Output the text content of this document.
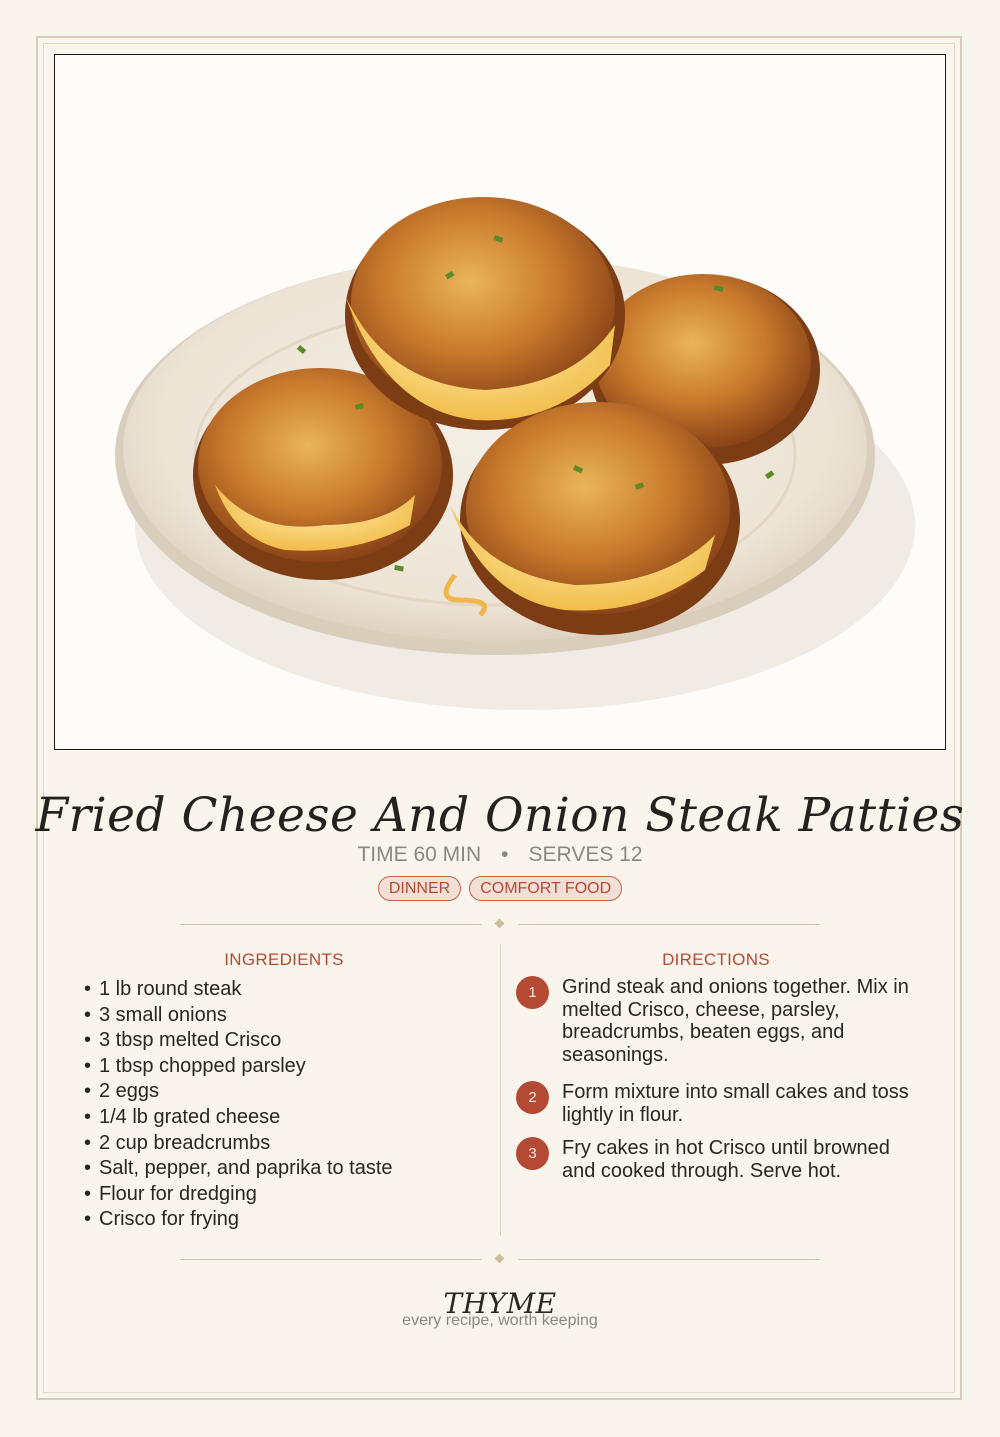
Fried Cheese And Onion Steak Patties
TIME 60 MIN • SERVES 12
DINNER COMFORT FOOD
INGREDIENTS	DIRECTIONS
• 1 lb round steak
• 3 small onions
• 3 tbsp melted Crisco
• 1 tbsp chopped parsley
• 2 eggs
• 1/4 lb grated cheese
• 2 cup breadcrumbs
• Salt, pepper, and paprika to taste
• Flour for dredging
• Crisco for frying
1	Grind steak and onions together. Mix in melted Crisco, cheese, parsley, breadcrumbs, beaten eggs, and seasonings.
2	Form mixture into small cakes and toss lightly in flour.
3	Fry cakes in hot Crisco until browned and cooked through. Serve hot.
THYME
every recipe, worth keeping
